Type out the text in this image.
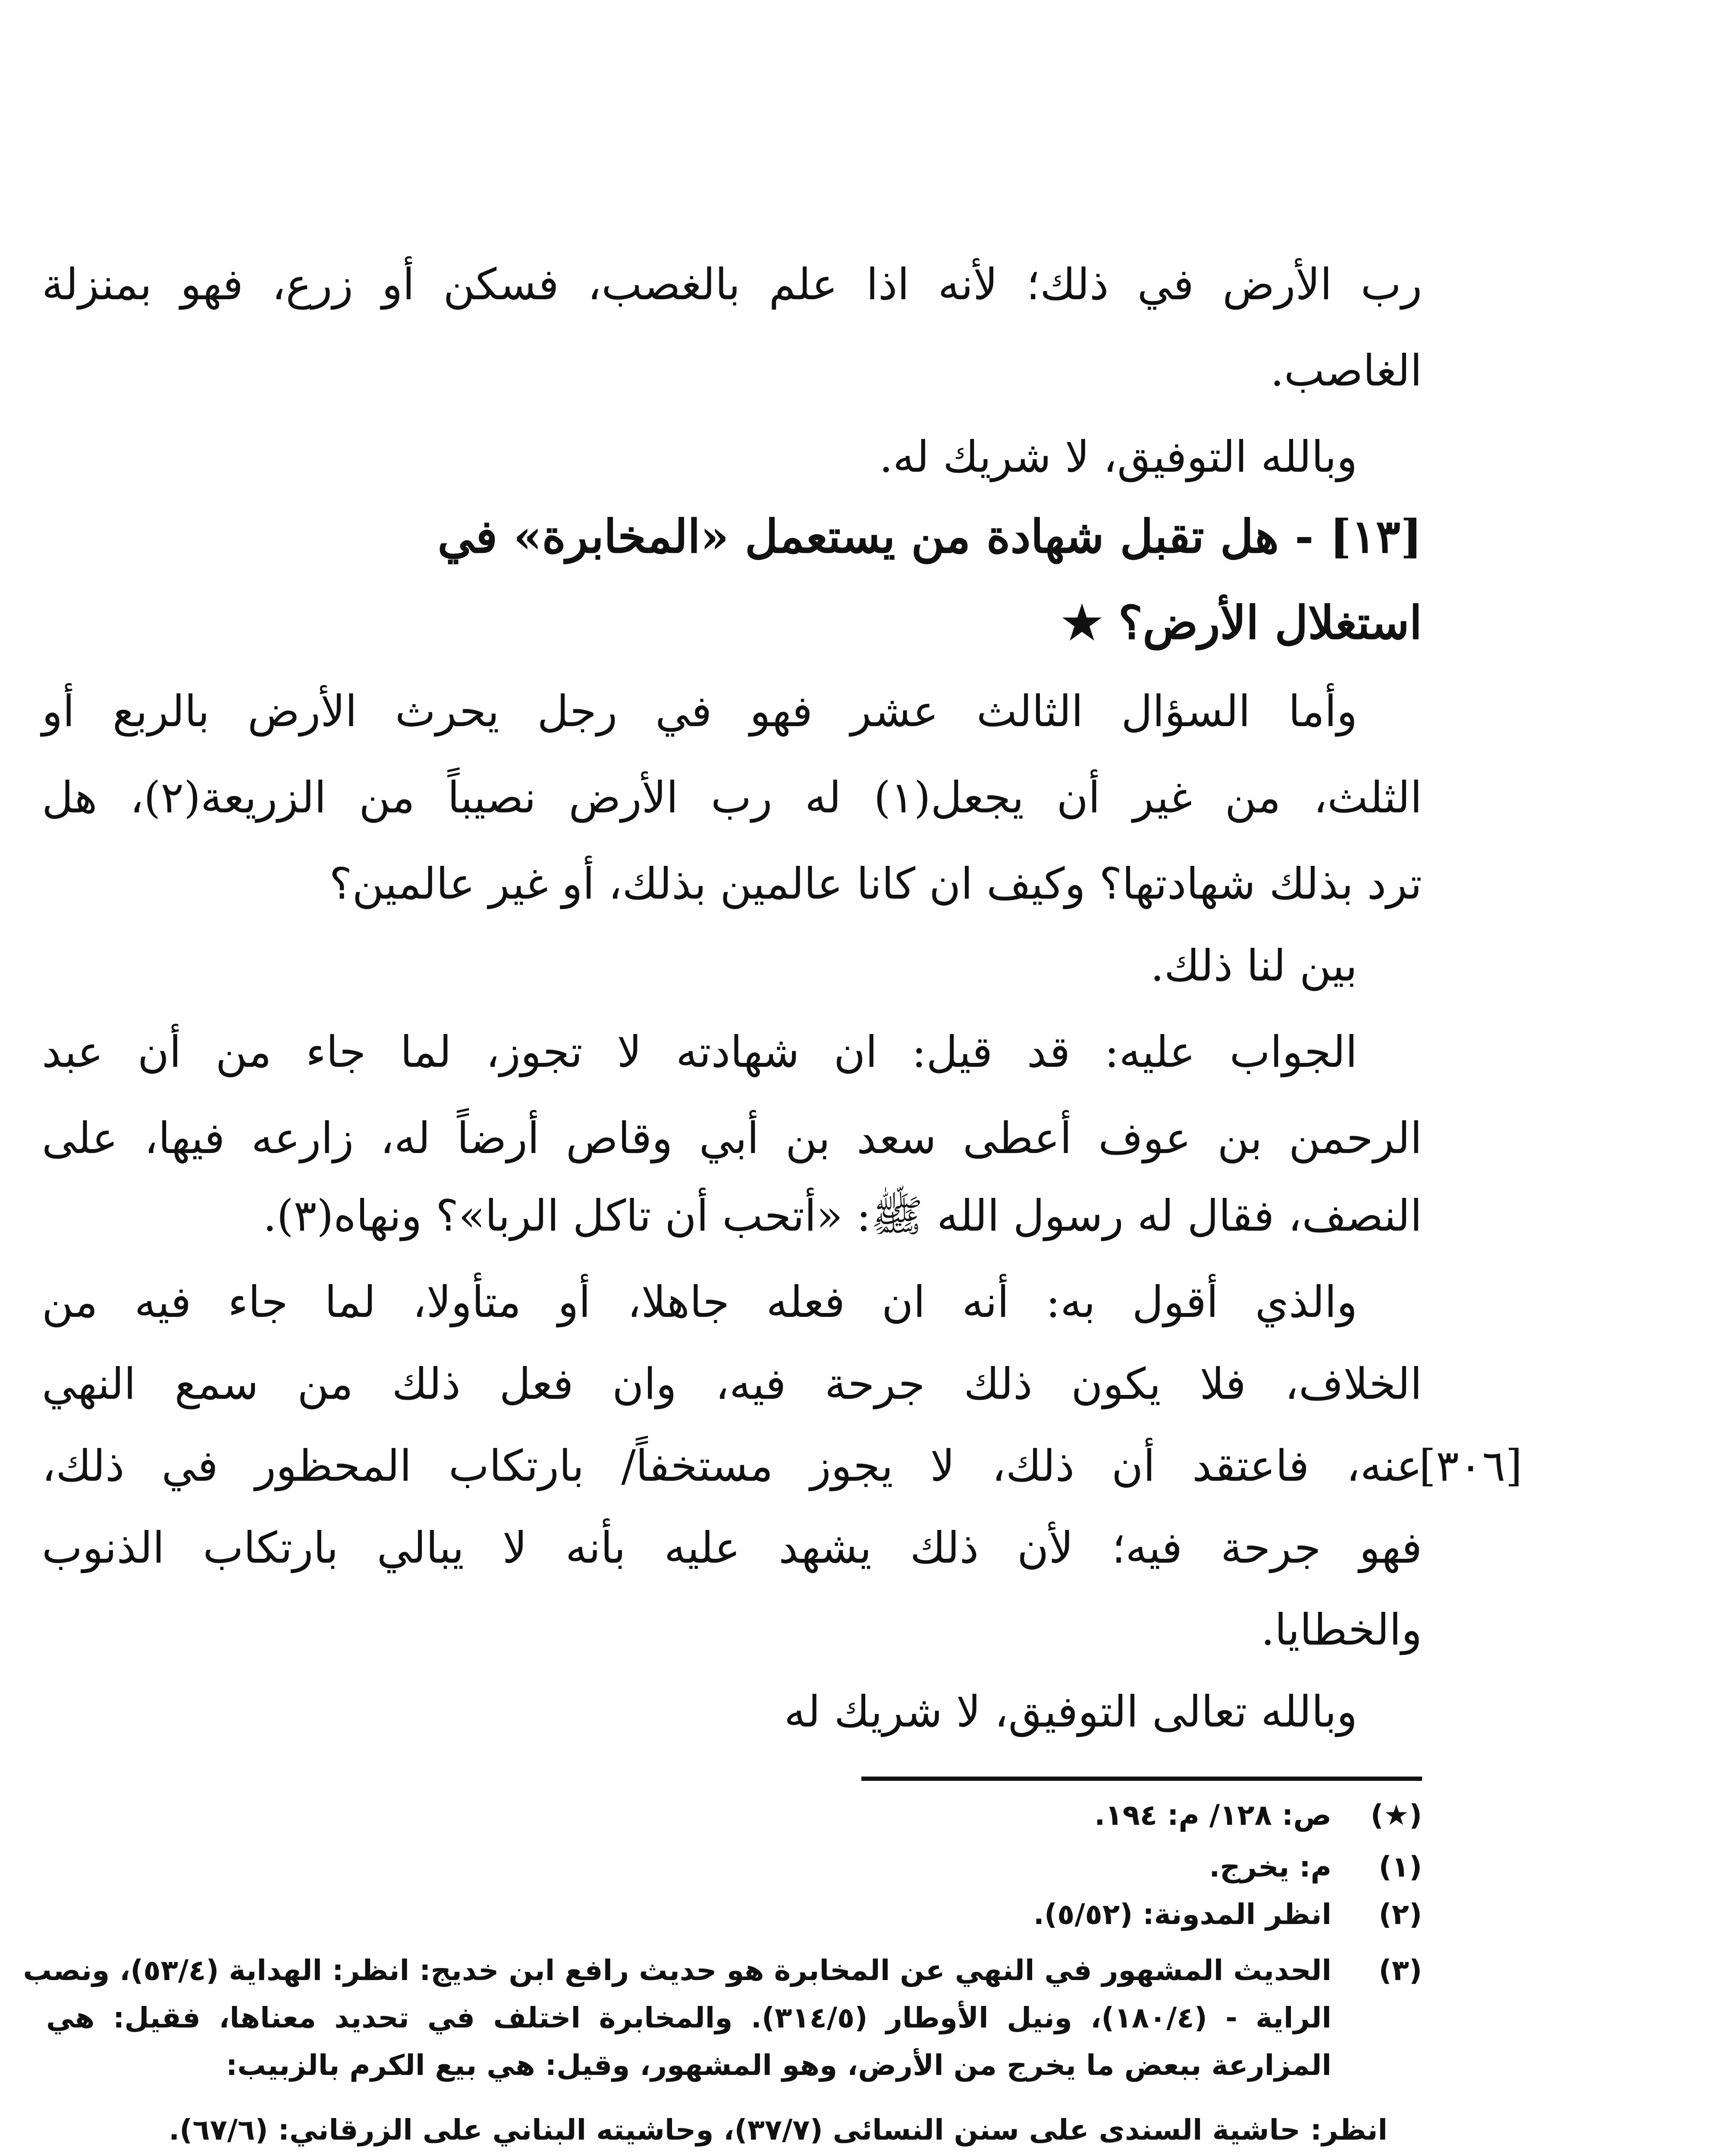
رب الأرض في ذلك؛ لأنه اذا علم بالغصب، فسكن أو زرع، فهو بمنزلة
الغاصب.
وبالله التوفيق، لا شريك له.
[١٣] - هل تقبل شهادة من يستعمل «المخابرة» في
استغلال الأرض؟ ★
وأما السؤال الثالث عشر فهو في رجل يحرث الأرض بالربع أو
الثلث، من غير أن يجعل(١) له رب الأرض نصيباً من الزريعة(٢)، هل
ترد بذلك شهادتها؟ وكيف ان كانا عالمين بذلك، أو غير عالمين؟
بين لنا ذلك.
الجواب عليه: قد قيل: ان شهادته لا تجوز، لما جاء من أن عبد
الرحمن بن عوف أعطى سعد بن أبي وقاص أرضاً له، زارعه فيها، على
النصف، فقال له رسول الله ﷺ: «أتحب أن تاكل الربا»؟ ونهاه(٣).
والذي أقول به: أنه ان فعله جاهلا، أو متأولا، لما جاء فيه من
الخلاف، فلا يكون ذلك جرحة فيه، وان فعل ذلك من سمع النهي
عنه، فاعتقد أن ذلك، لا يجوز مستخفاً/ بارتكاب المحظور في ذلك،
[٣٠٦]
فهو جرحة فيه؛ لأن ذلك يشهد عليه بأنه لا يبالي بارتكاب الذنوب
والخطايا.
وبالله تعالى التوفيق، لا شريك له
(★)
ص: ١٢٨/ م: ١٩٤.
(١)
م: يخرج.
(٢)
انظر المدونة: (٥/٥٢).
(٣)
الحديث المشهور في النهي عن المخابرة هو حديث رافع ابن خديج: انظر: الهداية (٥٣/٤)، ونصب
الراية - (١٨٠/٤)، ونيل الأوطار (٣١٤/٥). والمخابرة اختلف في تحديد معناها، فقيل: هي
المزارعة ببعض ما يخرج من الأرض، وهو المشهور، وقيل: هي بيع الكرم بالزبيب:
انظر: حاشية السندى على سنن النسائى (٣٧/٧)، وحاشيته البناني على الزرقاني: (٦٧/٦).
